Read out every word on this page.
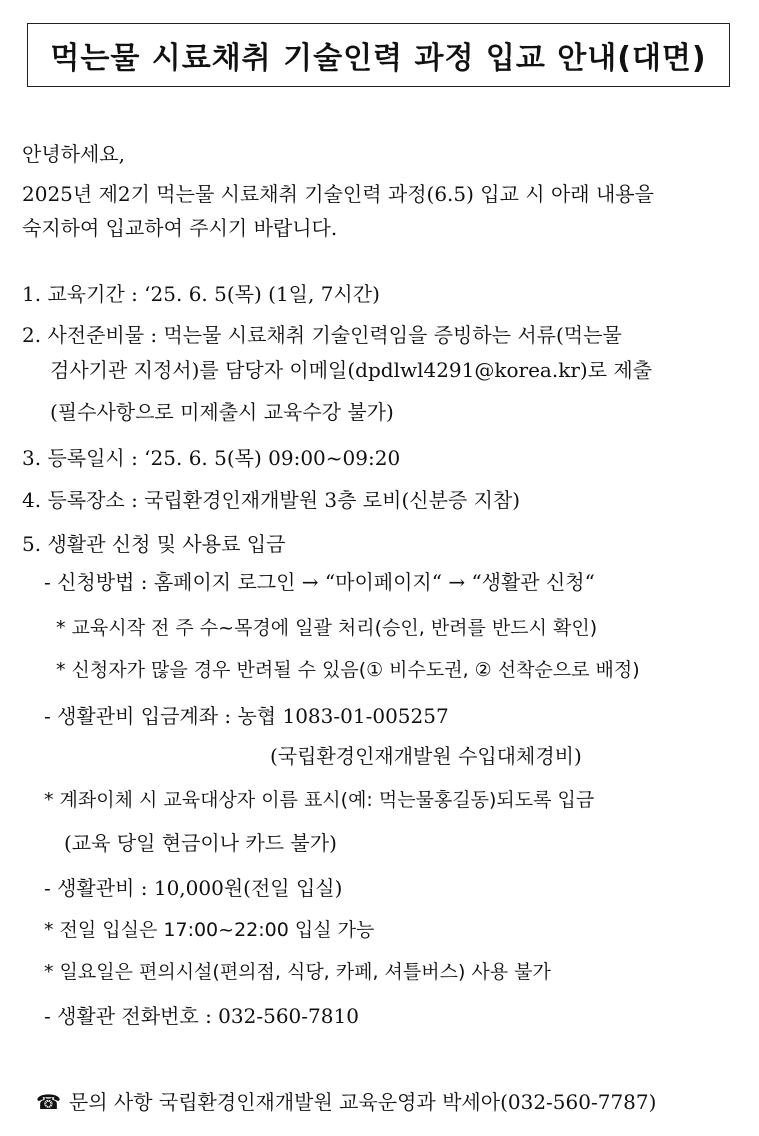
먹는물 시료채취 기술인력 과정 입교 안내(대면)
안녕하세요,
2025년 제2기 먹는물 시료채취 기술인력 과정(6.5) 입교 시 아래 내용을
숙지하여 입교하여 주시기 바랍니다.
1. 교육기간 : ‘25. 6. 5(목) (1일, 7시간)
2. 사전준비물 : 먹는물 시료채취 기술인력임을 증빙하는 서류(먹는물
검사기관 지정서)를 담당자 이메일(dpdlwl4291@korea.kr)로 제출
(필수사항으로 미제출시 교육수강 불가)
3. 등록일시 : ‘25. 6. 5(목) 09:00~09:20
4. 등록장소 : 국립환경인재개발원 3층 로비(신분증 지참)
5. 생활관 신청 및 사용료 입금
- 신청방법 : 홈페이지 로그인 → “마이페이지“ → “생활관 신청“
* 교육시작 전 주 수~목경에 일괄 처리(승인, 반려를 반드시 확인)
* 신청자가 많을 경우 반려될 수 있음(① 비수도권, ② 선착순으로 배정)
- 생활관비 입금계좌 : 농협 1083-01-005257
(국립환경인재개발원 수입대체경비)
* 계좌이체 시 교육대상자 이름 표시(예: 먹는물홍길동)되도록 입금
(교육 당일 현금이나 카드 불가)
- 생활관비 : 10,000원(전일 입실)
* 전일 입실은 17:00~22:00 입실 가능
* 일요일은 편의시설(편의점, 식당, 카페, 셔틀버스) 사용 불가
- 생활관 전화번호 : 032-560-7810
☎ 문의 사항 국립환경인재개발원 교육운영과 박세아(032-560-7787)
